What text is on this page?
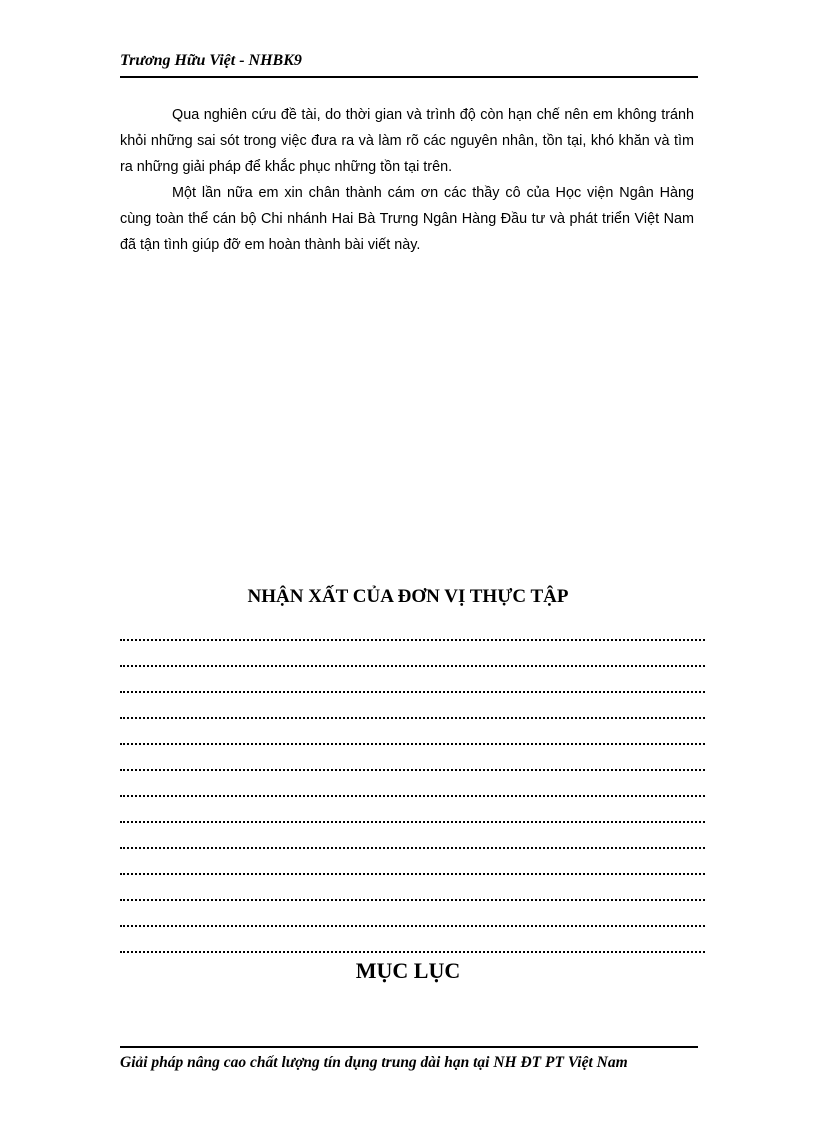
Trương Hữu Việt - NHBK9

Qua nghiên cứu đề tài, do thời gian và trình độ còn hạn chế nên em không tránh khỏi những sai sót trong việc đưa ra và làm rõ các nguyên nhân, tồn tại, khó khăn và tìm ra những giải pháp để khắc phục những tồn tại trên.

Một lần nữa em xin chân thành cám ơn các thầy cô của Học viện Ngân Hàng cùng toàn thể cán bộ Chi nhánh Hai Bà Trưng Ngân Hàng Đầu tư và phát triển Việt Nam đã tận tình giúp đỡ em hoàn thành bài viết này.

NHẬN XẤT CỦA ĐƠN VỊ THỰC TẬP
MỤC LỤC
Giải pháp nâng cao chất lượng tín dụng trung dài hạn tại NH ĐT PT Việt Nam
